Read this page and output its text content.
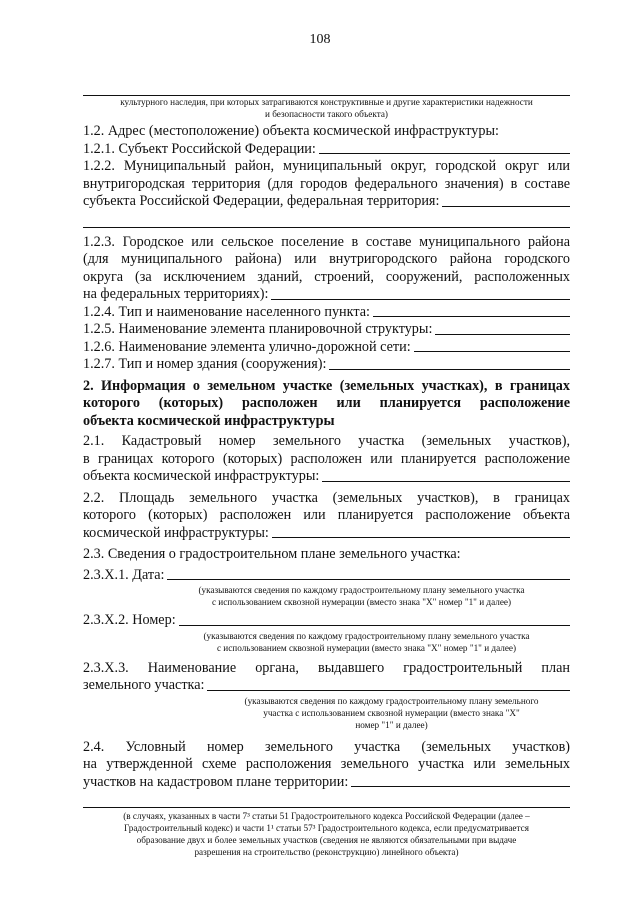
108
культурного наследия, при которых затрагиваются конструктивные и другие характеристики надежности
и безопасности такого объекта)

1.2. Адрес (местоположение) объекта космической инфраструктуры:

1.2.1. Субъект Российской Федерации:

1.2.2. Муниципальный район, муниципальный округ, городской округ или

внутригородская территория (для городов федерального значения) в составе

субъекта Российской Федерации, федеральная территория:

1.2.3. Городское или сельское поселение в составе муниципального района

(для муниципального района) или внутригородского района городского

округа (за исключением зданий, строений, сооружений, расположенных

на федеральных территориях):
1.2.4. Тип и наименование населенного пункта:
1.2.5. Наименование элемента планировочной структуры:
1.2.6. Наименование элемента улично-дорожной сети:
1.2.7. Тип и номер здания (сооружения):

2. Информация о земельном участке (земельных участках), в границах

которого (которых) расположен или планируется расположение

объекта космической инфраструктуры

2.1. Кадастровый номер земельного участка (земельных участков),

в границах которого (которых) расположен или планируется расположение

объекта космической инфраструктуры:

2.2. Площадь земельного участка (земельных участков), в границах

которого (которых) расположен или планируется расположение объекта

космической инфраструктуры:

2.3. Сведения о градостроительном плане земельного участка:

2.3.Х.1. Дата:
(указываются сведения по каждому градостроительному плану земельного участка
с использованием сквозной нумерации (вместо знака "Х" номер "1" и далее)
2.3.Х.2. Номер:
(указываются сведения по каждому градостроительному плану земельного участка
с использованием сквозной нумерации (вместо знака "Х" номер "1" и далее)

2.3.Х.3. Наименование органа, выдавшего градостроительный план

земельного участка:
(указываются сведения по каждому градостроительному плану земельного
участка с использованием сквозной нумерации (вместо знака "Х"
номер "1" и далее)

2.4. Условный номер земельного участка (земельных участков)

на утвержденной схеме расположения земельного участка или земельных

участков на кадастровом плане территории:
(в случаях, указанных в части 7³ статьи 51 Градостроительного кодекса Российской Федерации (далее –
Градостроительный кодекс) и части 1¹ статьи 57³ Градостроительного кодекса, если предусматривается
образование двух и более земельных участков (сведения не являются обязательными при выдаче
разрешения на строительство (реконструкцию) линейного объекта)
